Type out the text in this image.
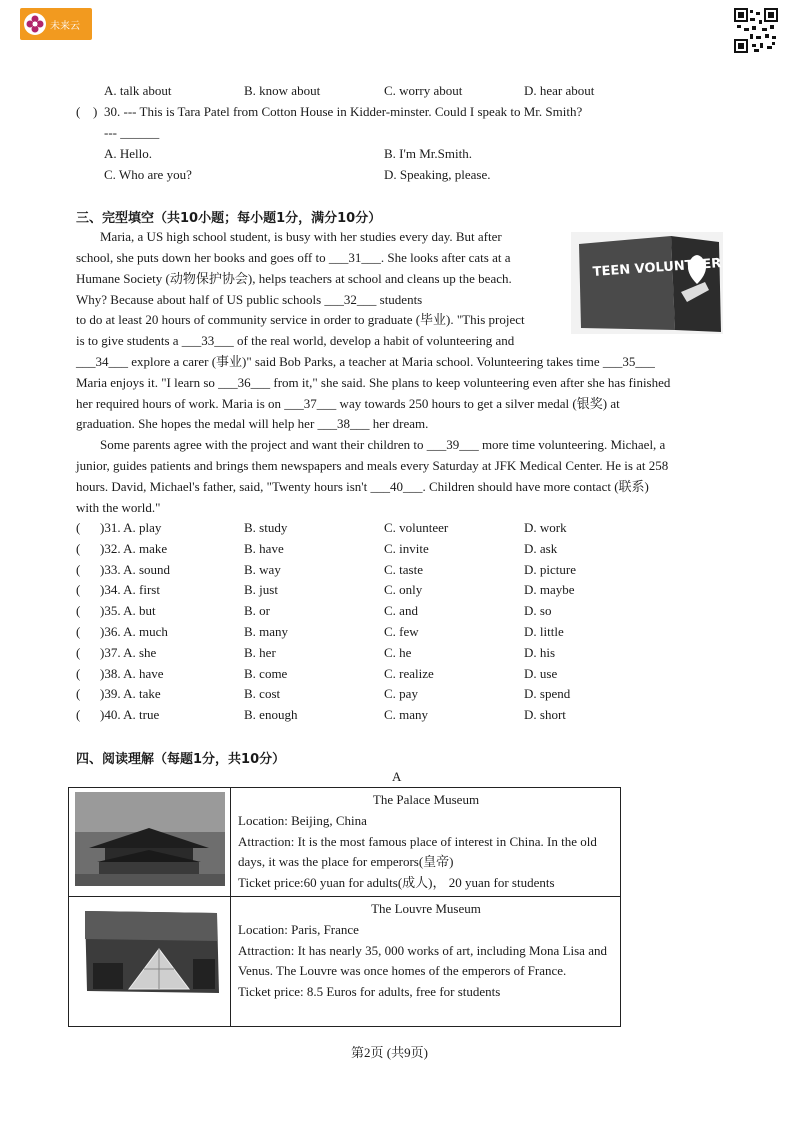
未来云
A. talk about	B. know about	C. worry about	D. hear about
( ) 30. --- This is Tara Patel from Cotton House in Kidder-minster. Could I speak to Mr. Smith?
--- ______
A. Hello.	B. I'm Mr.Smith.
C. Who are you?	D. Speaking, please.
三、完型填空（共10小题；每小题1分，满分10分）
TEEN VOLUNTEER HOURS
Maria, a US high school student, is busy with her studies every day. But after
school, she puts down her books and goes off to ___31___. She looks after cats at a
Humane Society (动物保护协会), helps teachers at school and cleans up the beach.
Why? Because about half of US public schools ___32___ students
to do at least 20 hours of community service in order to graduate (毕业). "This project
is to give students a ___33___ of the real world, develop a habit of volunteering and
___34___ explore a carer (事业)" said Bob Parks, a teacher at Maria school. Volunteering takes time ___35___
Maria enjoys it. "I learn so ___36___ from it," she said. She plans to keep volunteering even after she has finished
her required hours of work. Maria is on ___37___ way towards 250 hours to get a silver medal (银奖) at
graduation. She hopes the medal will help her ___38___ her dream.
Some parents agree with the project and want their children to ___39___ more time volunteering. Michael, a
junior, guides patients and brings them newspapers and meals every Saturday at JFK Medical Center. He is at 258
hours. David, Michael's father, said, "Twenty hours isn't ___40___. Children should have more contact (联系)
with the world."
( )31. A. play	B. study	C. volunteer	D. work
( )32. A. make	B. have	C. invite	D. ask
( )33. A. sound	B. way	C. taste	D. picture
( )34. A. first	B. just	C. only	D. maybe
( )35. A. but	B. or	C. and	D. so
( )36. A. much	B. many	C. few	D. little
( )37. A. she	B. her	C. he	D. his
( )38. A. have	B. come	C. realize	D. use
( )39. A. take	B. cost	C. pay	D. spend
( )40. A. true	B. enough	C. many	D. short
四、阅读理解（每题1分，共10分）
A

The Palace Museum
Location: Beijing, China
Attraction: It is the most famous place of interest in China. In the old days, it was the place for emperors(皇帝)
Ticket price:60 yuan for adults(成人)， 20 yuan for students

The Louvre Museum
Location: Paris, France
Attraction: It has nearly 35, 000 works of art, including Mona Lisa and Venus. The Louvre was once homes of the emperors of France.
Ticket price: 8.5 Euros for adults, free for students
第2页 (共9页)
